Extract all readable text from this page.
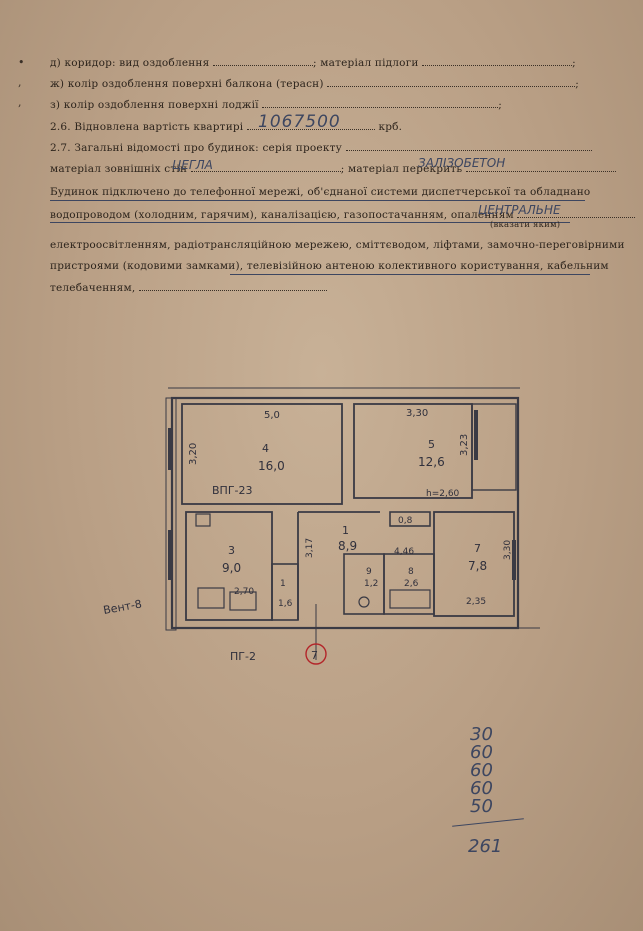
•
,
,
д) коридор: вид оздоблення	; матеріал підлоги	;
ж) колір оздоблення поверхні балкона (терасн)	;
з) колір оздоблення поверхні лоджії	;
2.6. Відновлена вартість квартирі	крб.
1067500
2.7. Загальні відомості про будинок: серія проекту
матеріал зовнішніх стін	; матеріал перекрить
ЦЕГЛА	ЗАЛІЗОБЕТОН
Будинок підключено до телефонної мережі, об'єднаної системи диспетчерської та обладнано
водопроводом (холодним, гарячим), каналізацією, газопостачанням, опаленням
ЦЕНТРАЛЬНЕ
(вказати яким)
електроосвітленням, радіотрансляційною мережею, сміттєводом, ліфтами, замочно-переговірними
пристроями (кодовими замками), телевізійною антеною колективного користування, кабельним
телебаченням,
5,0
4
16,0
3,20
3,30
5
12,6
3,23
h=2,60
3
9,0
ВПГ-23
2,70
1
1,6
1
8,9
3,17
0,8
4,46
9
1,2
8
2,6
7
7,8
2,35
3,30
ПГ-2
Вент-8
7
30
60
60
60
50
261
